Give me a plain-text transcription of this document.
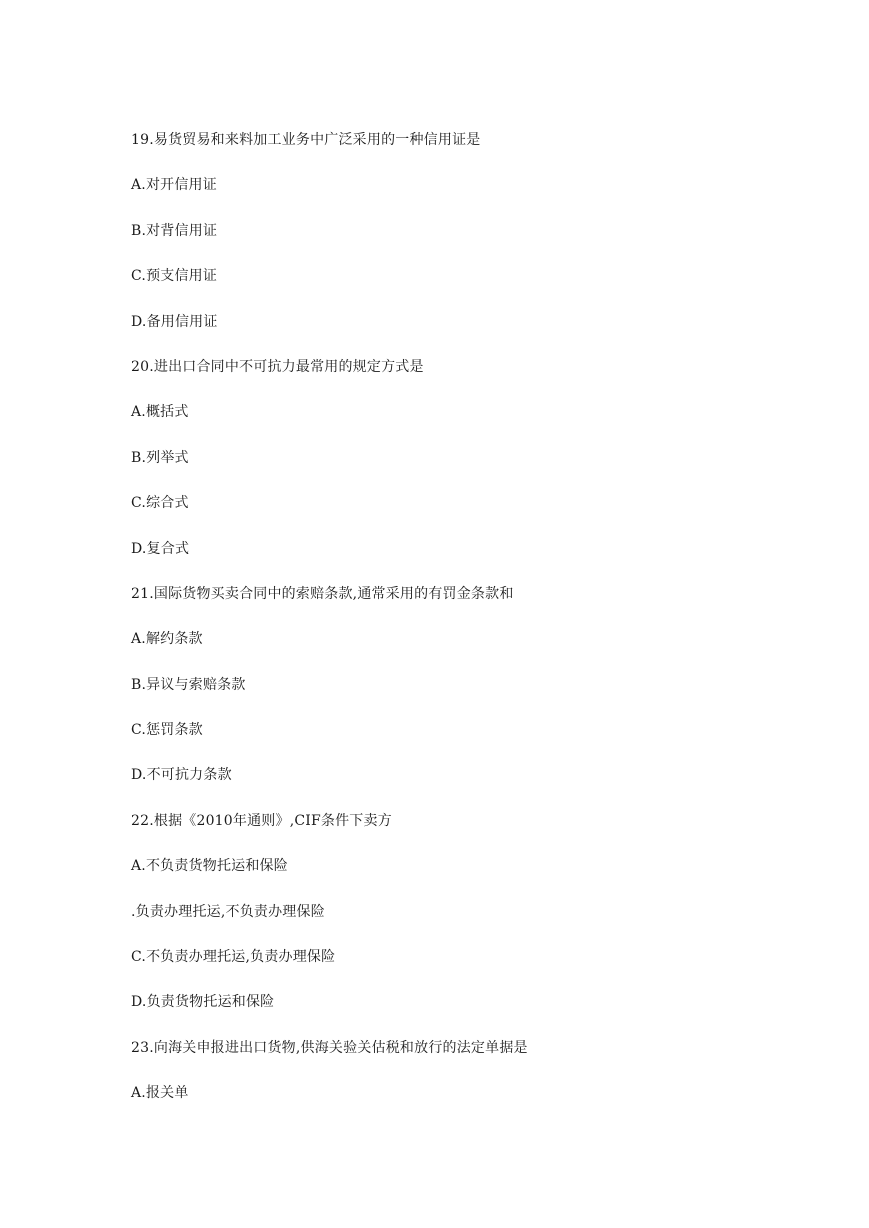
19.易货贸易和来料加工业务中广泛采用的一种信用证是
A.对开信用证
B.对背信用证
C.预支信用证
D.备用信用证
20.进出口合同中不可抗力最常用的规定方式是
A.概括式
B.列举式
C.综合式
D.复合式
21.国际货物买卖合同中的索赔条款,通常采用的有罚金条款和
A.解约条款
B.异议与索赔条款
C.惩罚条款
D.不可抗力条款
22.根据《2010年通则》,CIF条件下卖方
A.不负责货物托运和保险
.负责办理托运,不负责办理保险
C.不负责办理托运,负责办理保险
D.负责货物托运和保险
23.向海关申报进出口货物,供海关验关估税和放行的法定单据是
A.报关单
